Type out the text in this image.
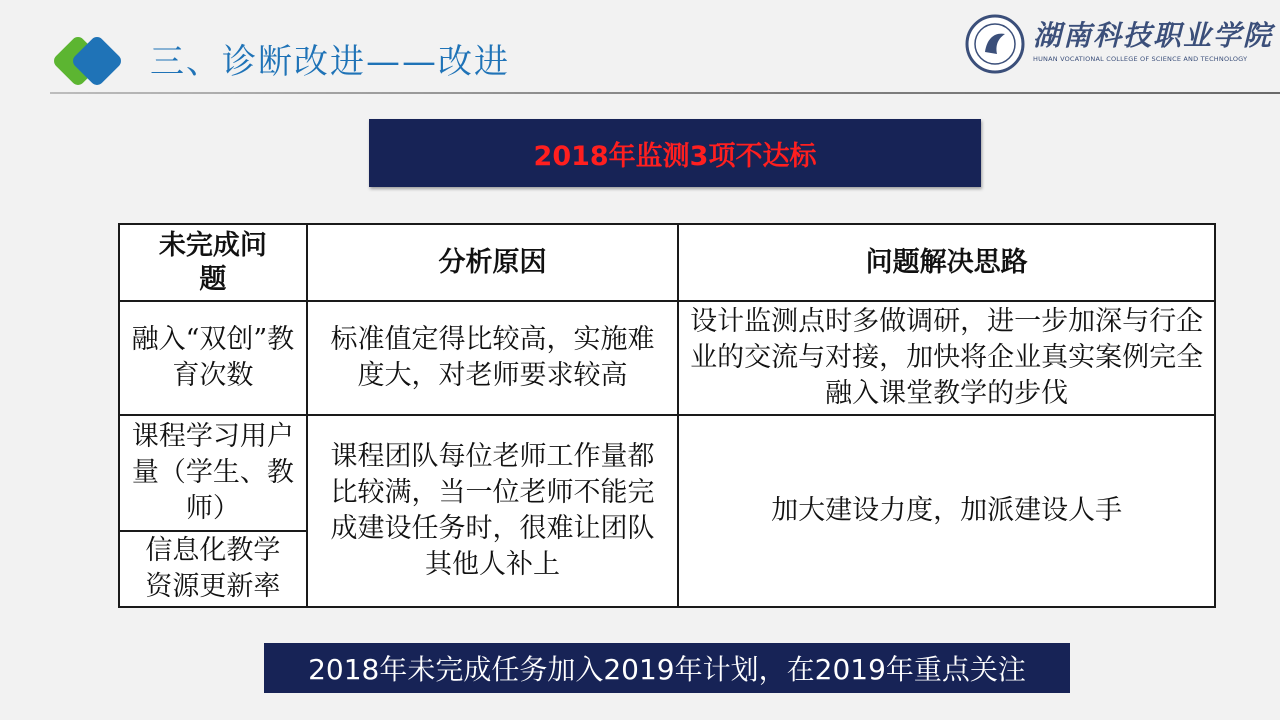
三、诊断改进——改进
湖南科技职业学院
HUNAN VOCATIONAL COLLEGE OF SCIENCE AND TECHNOLOGY
2018年监测3项不达标
未完成问题	分析原因	问题解决思路
融入“双创”教育次数	标准值定得比较高，实施难度大，对老师要求较高	设计监测点时多做调研，进一步加深与行企业的交流与对接，加快将企业真实案例完全融入课堂教学的步伐
课程学习用户量（学生、教师）	课程团队每位老师工作量都比较满，当一位老师不能完成建设任务时，很难让团队其他人补上	加大建设力度，加派建设人手
信息化教学资源更新率		
2018年未完成任务加入2019年计划，在2019年重点关注
